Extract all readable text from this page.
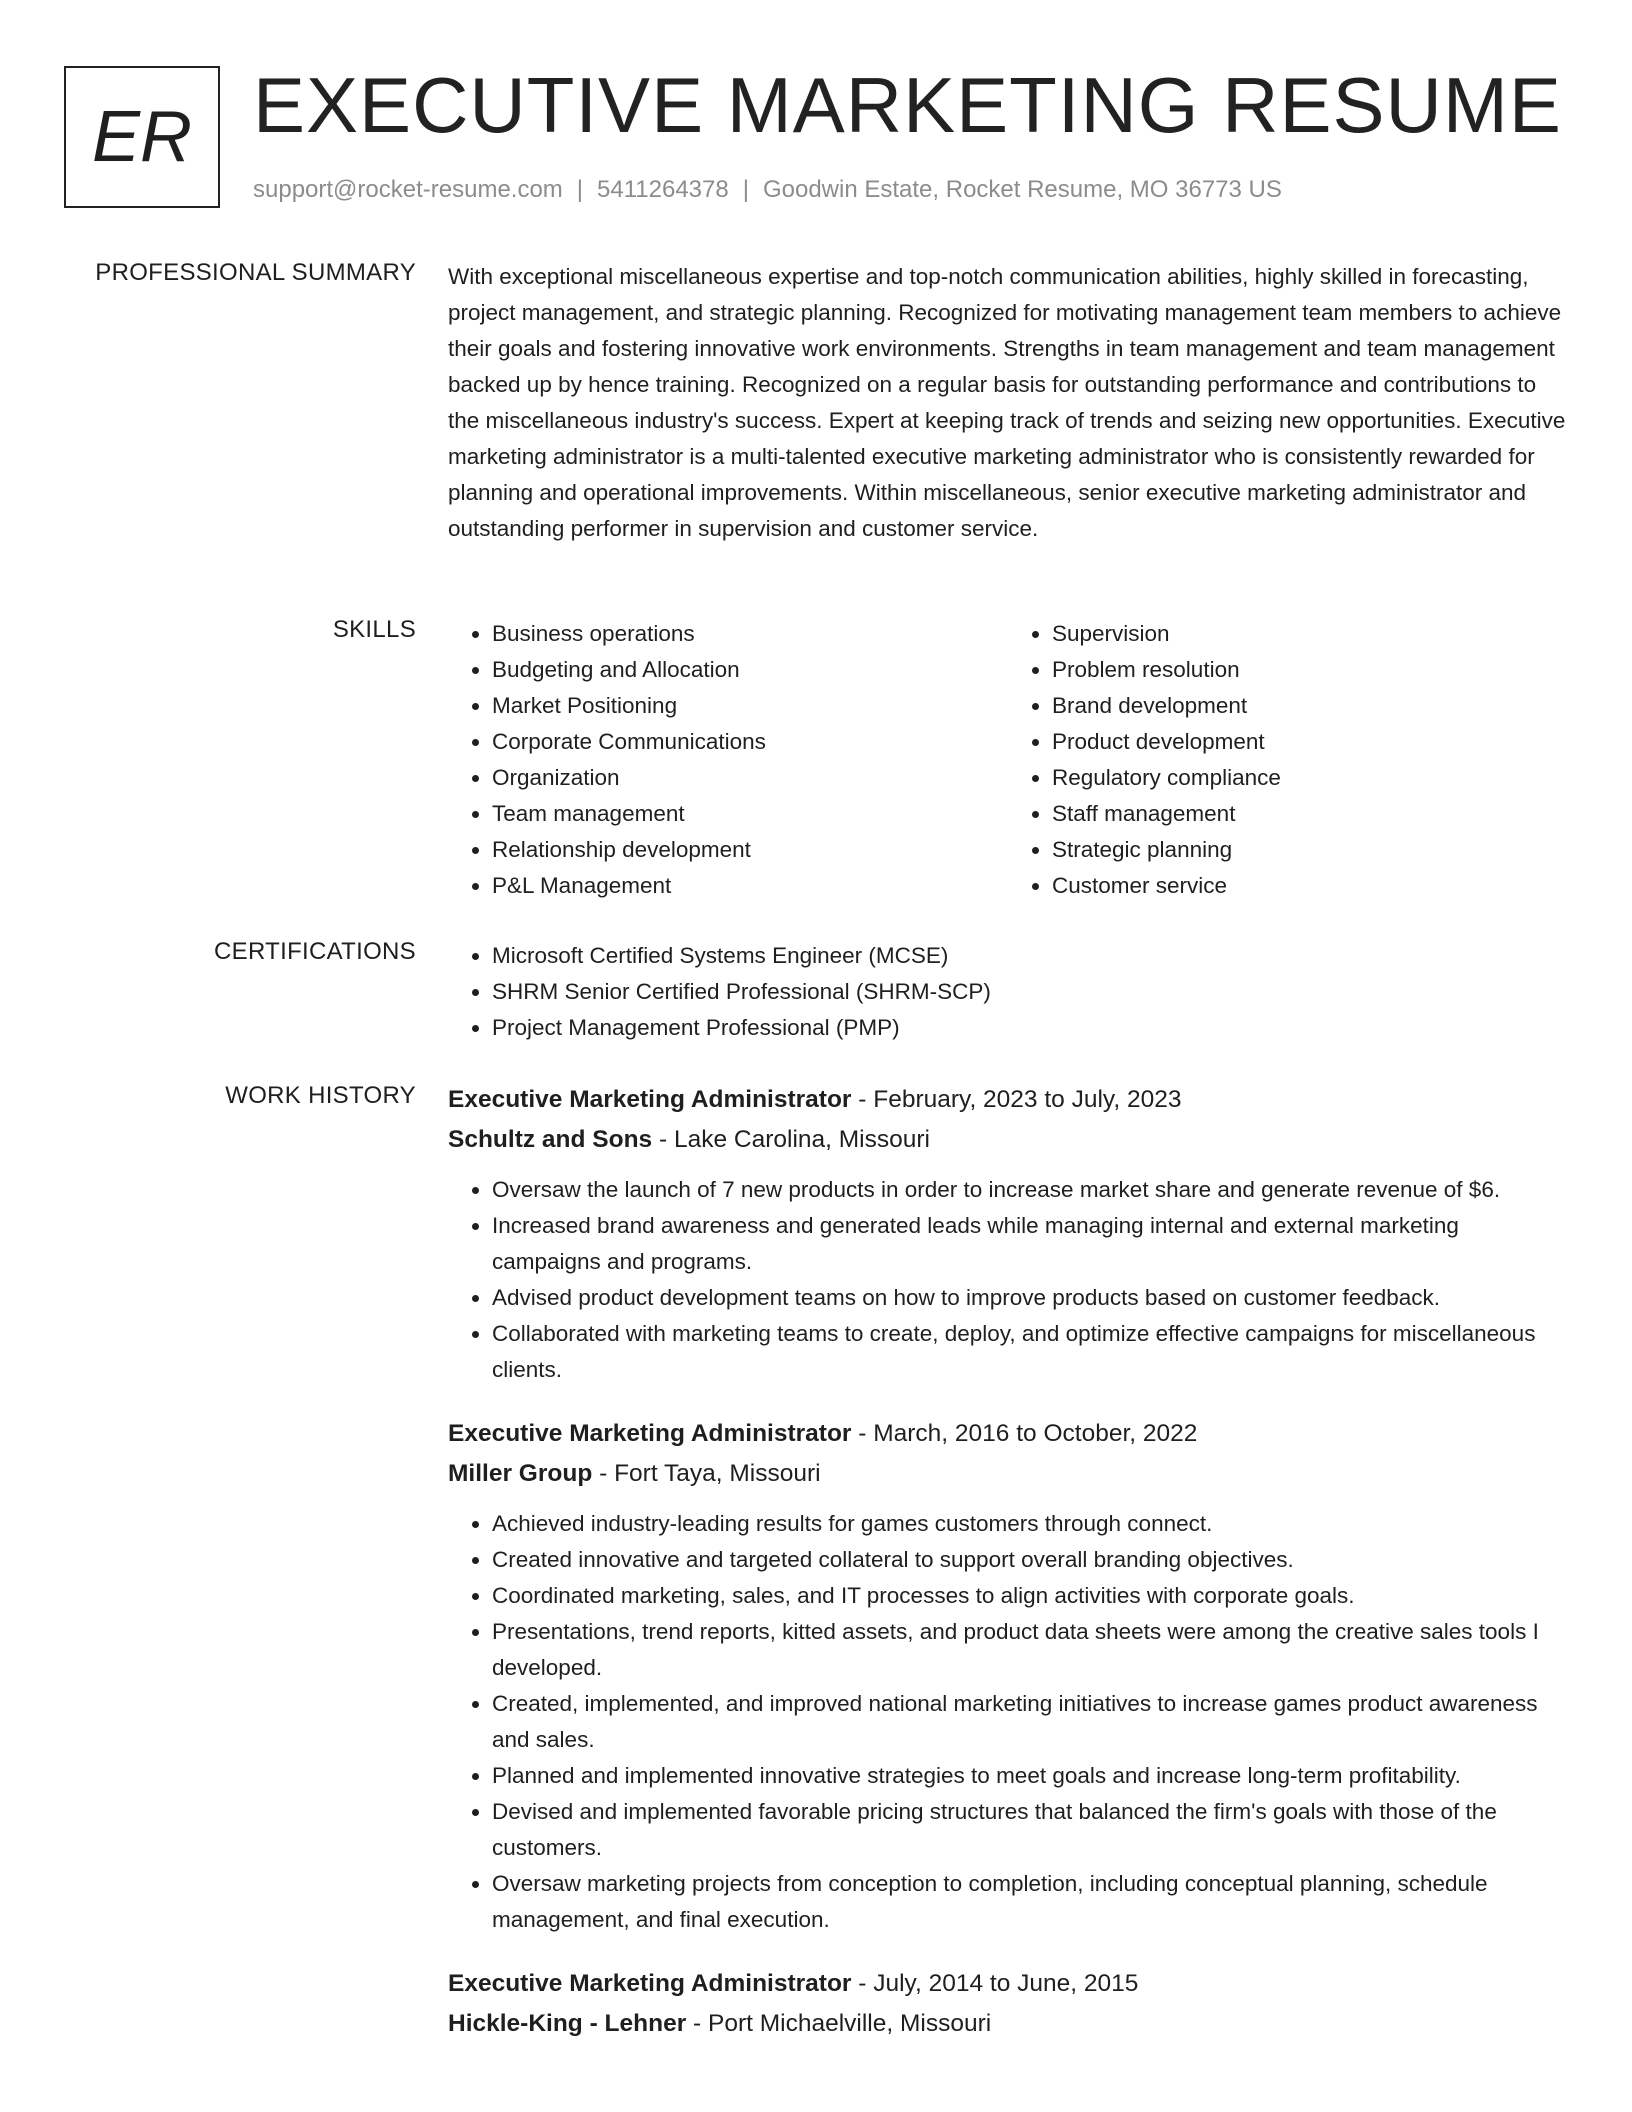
ER EXECUTIVE MARKETING RESUME
support@rocket-resume.com | 5411264378 | Goodwin Estate, Rocket Resume, MO 36773 US
PROFESSIONAL SUMMARY With exceptional miscellaneous expertise and top-notch communication abilities, highly skilled in forecasting, project management, and strategic planning. Recognized for motivating management team members to achieve their goals and fostering innovative work environments. Strengths in team management and team management backed up by hence training. Recognized on a regular basis for outstanding performance and contributions to the miscellaneous industry's success. Expert at keeping track of trends and seizing new opportunities. Executive marketing administrator is a multi-talented executive marketing administrator who is consistently rewarded for planning and operational improvements. Within miscellaneous, senior executive marketing administrator and outstanding performer in supervision and customer service.
SKILLS	• Business operations
• Budgeting and Allocation
• Market Positioning
• Corporate Communications
• Organization
• Team management
• Relationship development
• P&L Management
• Supervision
• Problem resolution
• Brand development
• Product development
• Regulatory compliance
• Staff management
• Strategic planning
• Customer service
CERTIFICATIONS	• Microsoft Certified Systems Engineer (MCSE)
• SHRM Senior Certified Professional (SHRM-SCP)
• Project Management Professional (PMP)
WORK HISTORY Executive Marketing Administrator - February, 2023 to July, 2023
Schultz and Sons - Lake Carolina, Missouri
• Oversaw the launch of 7 new products in order to increase market share and generate revenue of $6.
• Increased brand awareness and generated leads while managing internal and external marketing campaigns and programs.
• Advised product development teams on how to improve products based on customer feedback.
• Collaborated with marketing teams to create, deploy, and optimize effective campaigns for miscellaneous clients.
Executive Marketing Administrator - March, 2016 to October, 2022
Miller Group - Fort Taya, Missouri
• Achieved industry-leading results for games customers through connect.
• Created innovative and targeted collateral to support overall branding objectives.
• Coordinated marketing, sales, and IT processes to align activities with corporate goals.
• Presentations, trend reports, kitted assets, and product data sheets were among the creative sales tools I developed.
• Created, implemented, and improved national marketing initiatives to increase games product awareness and sales.
• Planned and implemented innovative strategies to meet goals and increase long-term profitability.
• Devised and implemented favorable pricing structures that balanced the firm's goals with those of the customers.
• Oversaw marketing projects from conception to completion, including conceptual planning, schedule management, and final execution.
Executive Marketing Administrator - July, 2014 to June, 2015
Hickle-King - Lehner - Port Michaelville, Missouri
